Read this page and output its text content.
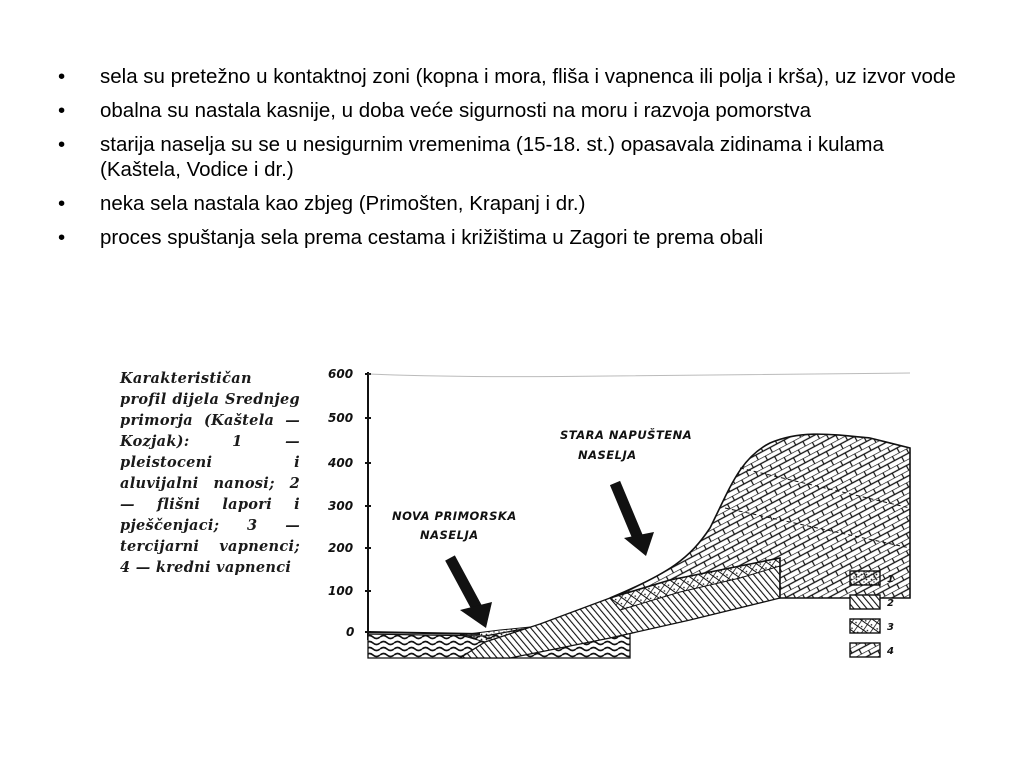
• sela su pretežno u kontaktnoj zoni (kopna i mora, fliša i vapnenca ili polja i krša), uz izvor vode
• obalna su nastala kasnije, u doba veće sigurnosti na moru i razvoja pomorstva
• starija naselja su se u nesigurnim vremenima (15-18. st.) opasavala zidinama i kulama (Kaštela, Vodice i dr.)
• neka sela nastala kao zbjeg (Primošten, Krapanj i dr.)
• proces spuštanja sela prema cestama i križištima u Zagori te prema obali
Karakterističan profil dijela Srednjeg primorja (Kaštela — Kozjak): 1 — pleistoceni i aluvijalni nanosi; 2 — flišni lapori i pješčenjaci; 3 — tercijarni vapnenci; 4 — kredni vapnenci
600
500
400
300
200
100
0
STARA NAPUŠTENA
NASELJA
NOVA PRIMORSKA
NASELJA
1
2
3
4
